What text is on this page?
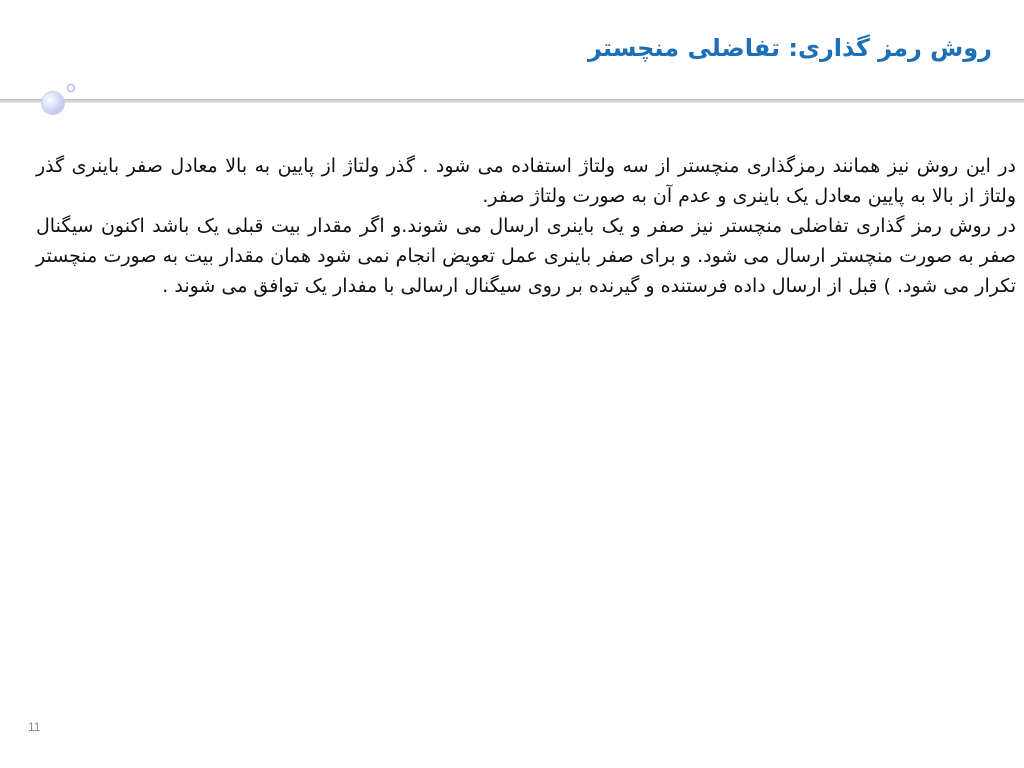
روش رمز گذاری: تفاضلی منچستر

در این روش نیز همانند رمزگذاری منچستر از سه ولتاژ استفاده می شود . گذر ولتاژ از پایین به بالا معادل صفر باینری گذر ولتاژ از بالا به پایین معادل یک باینری و عدم آن به صورت ولتاژ صفر.

در روش رمز گذاری تفاضلی منچستر نیز صفر و یک باینری ارسال می شوند.و اگر مقدار بیت قبلی یک باشد اکنون سیگنال صفر به صورت منچستر ارسال می شود. و برای صفر باینری عمل تعویض انجام نمی شود همان مقدار بیت به صورت منچستر تکرار می شود. ) قبل از ارسال داده فرستنده و گیرنده بر روی سیگنال ارسالی با مفدار یک توافق می شوند .

11
